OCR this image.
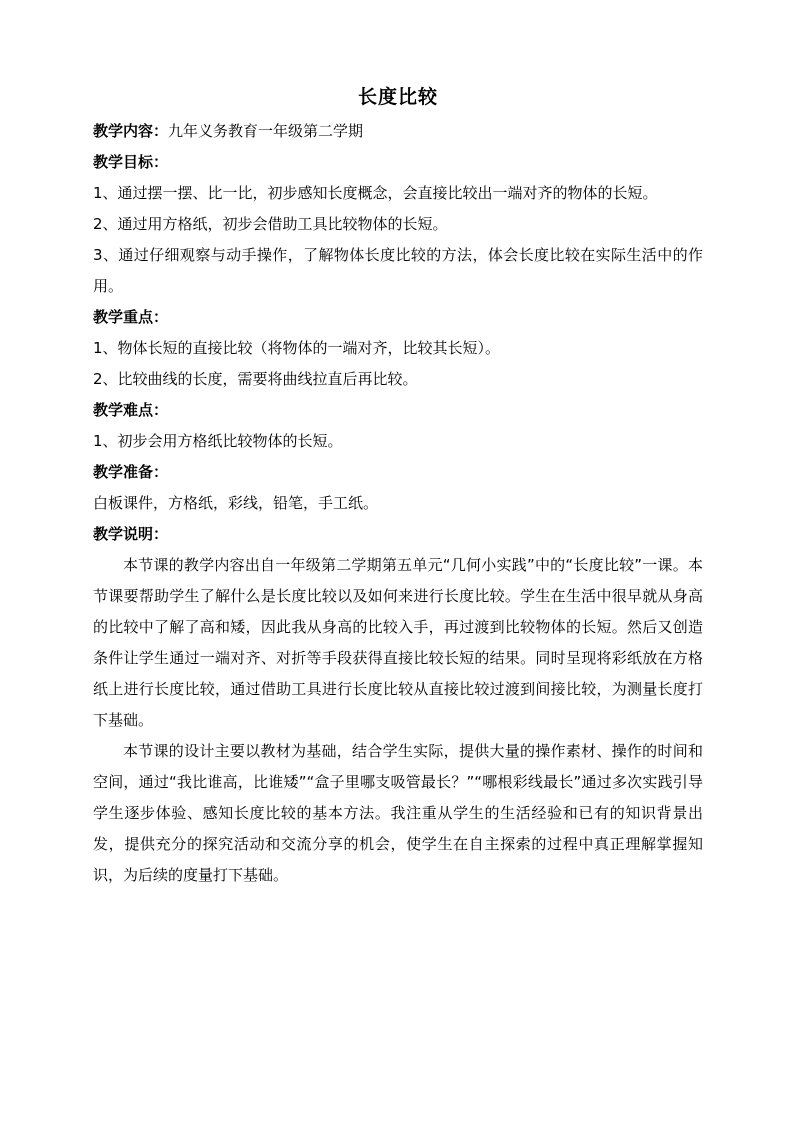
长度比较

教学内容：九年义务教育一年级第二学期

教学目标：

1、通过摆一摆、比一比，初步感知长度概念，会直接比较出一端对齐的物体的长短。

2、通过用方格纸，初步会借助工具比较物体的长短。

3、通过仔细观察与动手操作，了解物体长度比较的方法，体会长度比较在实际生活中的作用。

教学重点：

1、物体长短的直接比较（将物体的一端对齐，比较其长短）。

2、比较曲线的长度，需要将曲线拉直后再比较。

教学难点：

1、初步会用方格纸比较物体的长短。

教学准备：

白板课件，方格纸，彩线，铅笔，手工纸。

教学说明：

本节课的教学内容出自一年级第二学期第五单元“几何小实践”中的“长度比较”一课。本节课要帮助学生了解什么是长度比较以及如何来进行长度比较。学生在生活中很早就从身高的比较中了解了高和矮，因此我从身高的比较入手，再过渡到比较物体的长短。然后又创造条件让学生通过一端对齐、对折等手段获得直接比较长短的结果。同时呈现将彩纸放在方格纸上进行长度比较，通过借助工具进行长度比较从直接比较过渡到间接比较，为测量长度打下基础。

本节课的设计主要以教材为基础，结合学生实际，提供大量的操作素材、操作的时间和空间，通过“我比谁高，比谁矮”“盒子里哪支吸管最长？”“哪根彩线最长”通过多次实践引导学生逐步体验、感知长度比较的基本方法。我注重从学生的生活经验和已有的知识背景出发，提供充分的探究活动和交流分享的机会，使学生在自主探索的过程中真正理解掌握知识，为后续的度量打下基础。
